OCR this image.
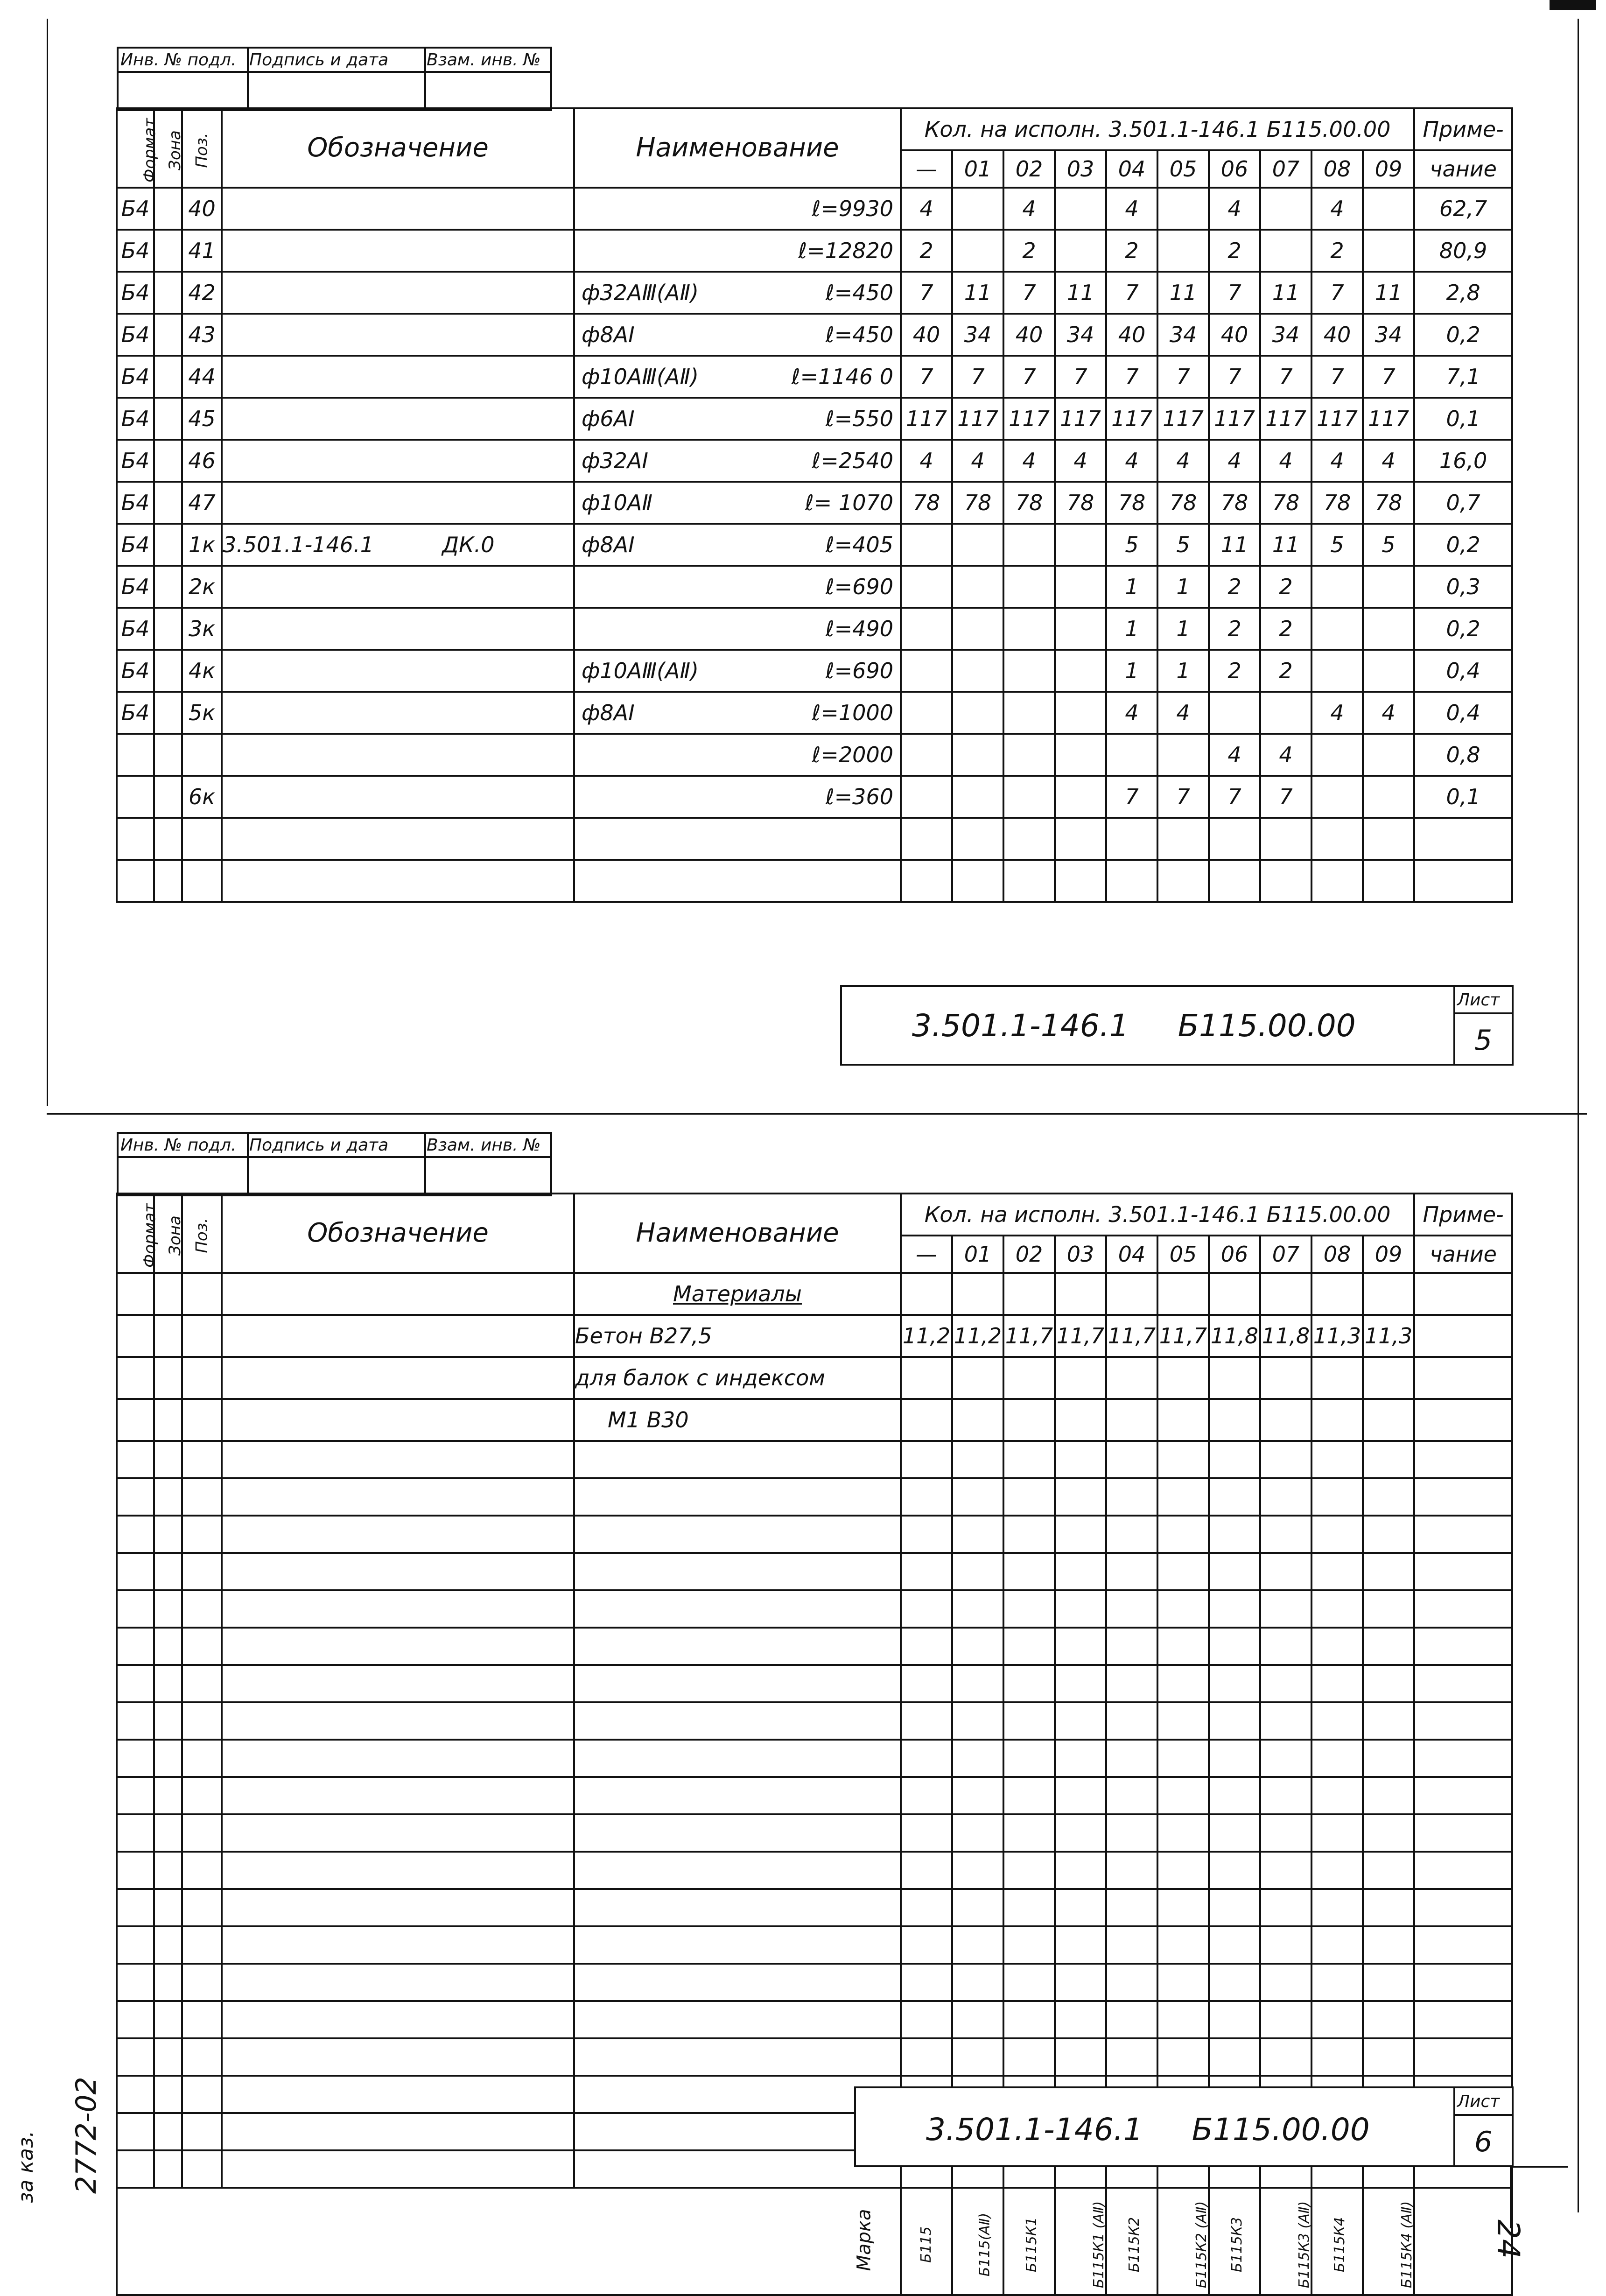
Инв. № подл. Подпись и дата Взам. инв. №
Формат	Зона	Поз.	Обозначение	Наименование	Кол. на исполн. 3.501.1-146.1 Б115.00.00										Приме-
					—	01	02	03	04	05	06	07	08	09	чание
Б4		40		ℓ=9930	4		4		4		4		4		62,7
Б4		41		ℓ=12820	2		2		2		2		2		80,9
Б4		42		ф32АⅢ(АⅡ) ℓ=450	7	11	7	11	7	11	7	11	7	11	2,8
Б4		43		ф8АI ℓ=450	40	34	40	34	40	34	40	34	40	34	0,2
Б4		44		ф10АⅢ(АⅡ) ℓ=1146 0	7	7	7	7	7	7	7	7	7	7	7,1
Б4		45		ф6АI ℓ=550	117	117	117	117	117	117	117	117	117	117	0,1
Б4		46		ф32АI ℓ=2540	4	4	4	4	4	4	4	4	4	4	16,0
Б4		47		ф10АⅡ ℓ= 1070	78	78	78	78	78	78	78	78	78	78	0,7
Б4		1к	3.501.1-146.1          ДК.0	ф8АI ℓ=405					5	5	11	11	5	5	0,2
Б4		2к		ℓ=690					1	1	2	2			0,3
Б4		3к		ℓ=490					1	1	2	2			0,2
Б4		4к		ф10АⅢ(АⅡ) ℓ=690					1	1	2	2			0,4
Б4		5к		ф8АI ℓ=1000					4	4			4	4	0,4

				ℓ=2000							4	4			0,8
		6к		ℓ=360					7	7	7	7			0,1

3.501.1-146.1     Б115.00.00
Лист
5
Инв. № подл. Подпись и дата Взам. инв. №
Формат	Зона	Поз.	Обозначение	Наименование	Кол. на исполн. 3.501.1-146.1 Б115.00.00										Приме-
					—	01	02	03	04	05	06	07	08	09	чание
				Материалы											
				Бетон В27,5	11,2	11,2	11,7	11,7	11,7	11,7	11,8	11,8	11,3	11,3	
				для балок с индексом											
				М1 В30											

Марка					Б115	Б115(АⅡ)	Б115К1	Б115К1 (АⅡ)	Б115К2	Б115К2 (АⅡ)	Б115К3	Б115К3 (АⅡ)	Б115К4	Б115К4 (АⅡ)	
3.501.1-146.1     Б115.00.00
Лист
6
за каз. 2772-02
24
